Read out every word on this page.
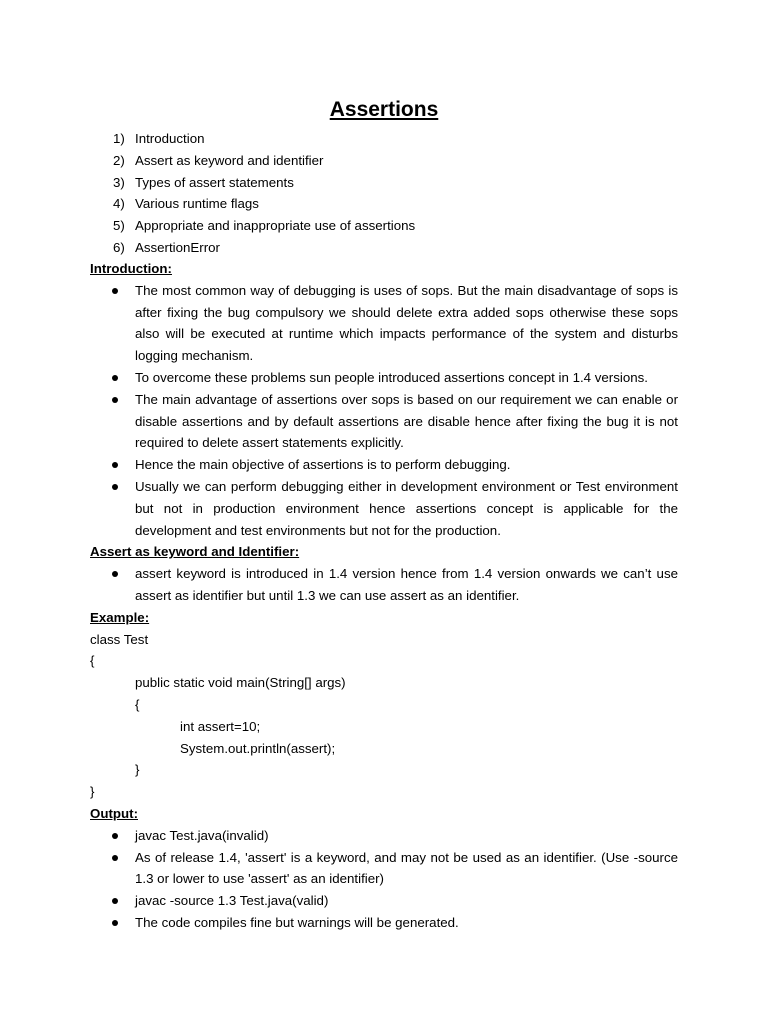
Assertions
1) Introduction
2) Assert as keyword and identifier
3) Types of assert statements
4) Various runtime flags
5) Appropriate and inappropriate use of assertions
6) AssertionError
Introduction:
The most common way of debugging is uses of sops. But the main disadvantage of sops is after fixing the bug compulsory we should delete extra added sops otherwise these sops also will be executed at runtime which impacts performance of the system and disturbs logging mechanism.
To overcome these problems sun people introduced assertions concept in 1.4 versions.
The main advantage of assertions over sops is based on our requirement we can enable or disable assertions and by default assertions are disable hence after fixing the bug it is not required to delete assert statements explicitly.
Hence the main objective of assertions is to perform debugging.
Usually we can perform debugging either in development environment or Test environment but not in production environment hence assertions concept is applicable for the development and test environments but not for the production.
Assert as keyword and Identifier:
assert keyword is introduced in 1.4 version hence from 1.4 version onwards we can’t use assert as identifier but until 1.3 we can use assert as an identifier.
Example:
class Test
{
public static void main(String[] args)
{
int assert=10;
System.out.println(assert);
}
}
Output:
javac Test.java(invalid)
As of release 1.4, 'assert' is a keyword, and may not be used as an identifier. (Use -source 1.3 or lower to use 'assert' as an identifier)
javac -source 1.3 Test.java(valid)
The code compiles fine but warnings will be generated.
